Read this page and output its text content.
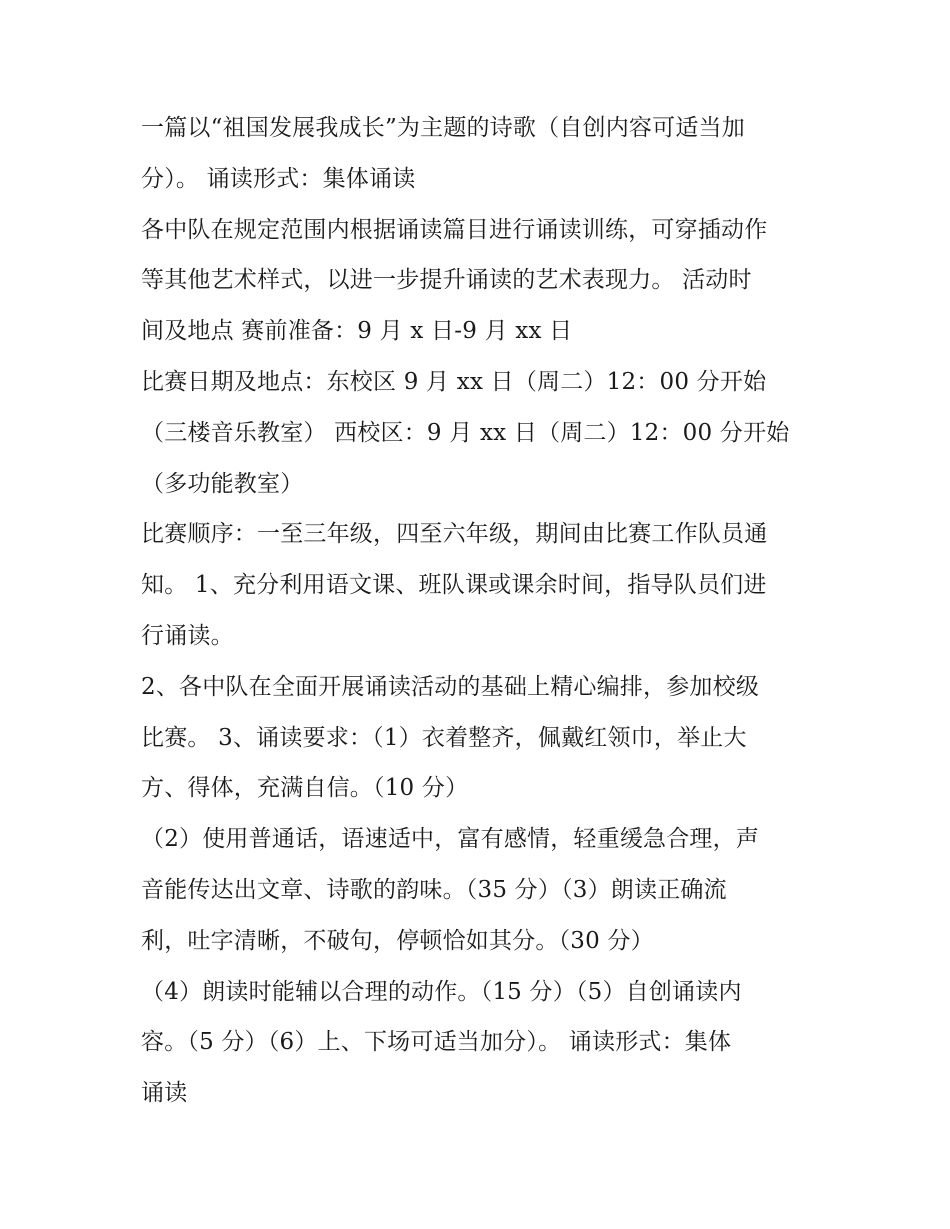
一篇以“祖国发展我成长”为主题的诗歌（自创内容可适当加
分）。 诵读形式：集体诵读
各中队在规定范围内根据诵读篇目进行诵读训练，可穿插动作
等其他艺术样式，以进一步提升诵读的艺术表现力。 活动时
间及地点 赛前准备：9 月 x 日-9 月 xx 日
比赛日期及地点：东校区 9 月 xx 日（周二）12：00 分开始
（三楼音乐教室） 西校区：9 月 xx 日（周二）12：00 分开始
（多功能教室）
比赛顺序：一至三年级，四至六年级，期间由比赛工作队员通
知。 1、充分利用语文课、班队课或课余时间，指导队员们进
行诵读。
2、各中队在全面开展诵读活动的基础上精心编排，参加校级
比赛。 3、诵读要求：（1）衣着整齐，佩戴红领巾，举止大
方、得体，充满自信。（10 分）
（2）使用普通话，语速适中，富有感情，轻重缓急合理，声
音能传达出文章、诗歌的韵味。（35 分）（3）朗读正确流
利，吐字清晰，不破句，停顿恰如其分。（30 分）
（4）朗读时能辅以合理的动作。（15 分）（5）自创诵读内
容。（5 分）（6）上、下场可适当加分）。 诵读形式：集体
诵读
